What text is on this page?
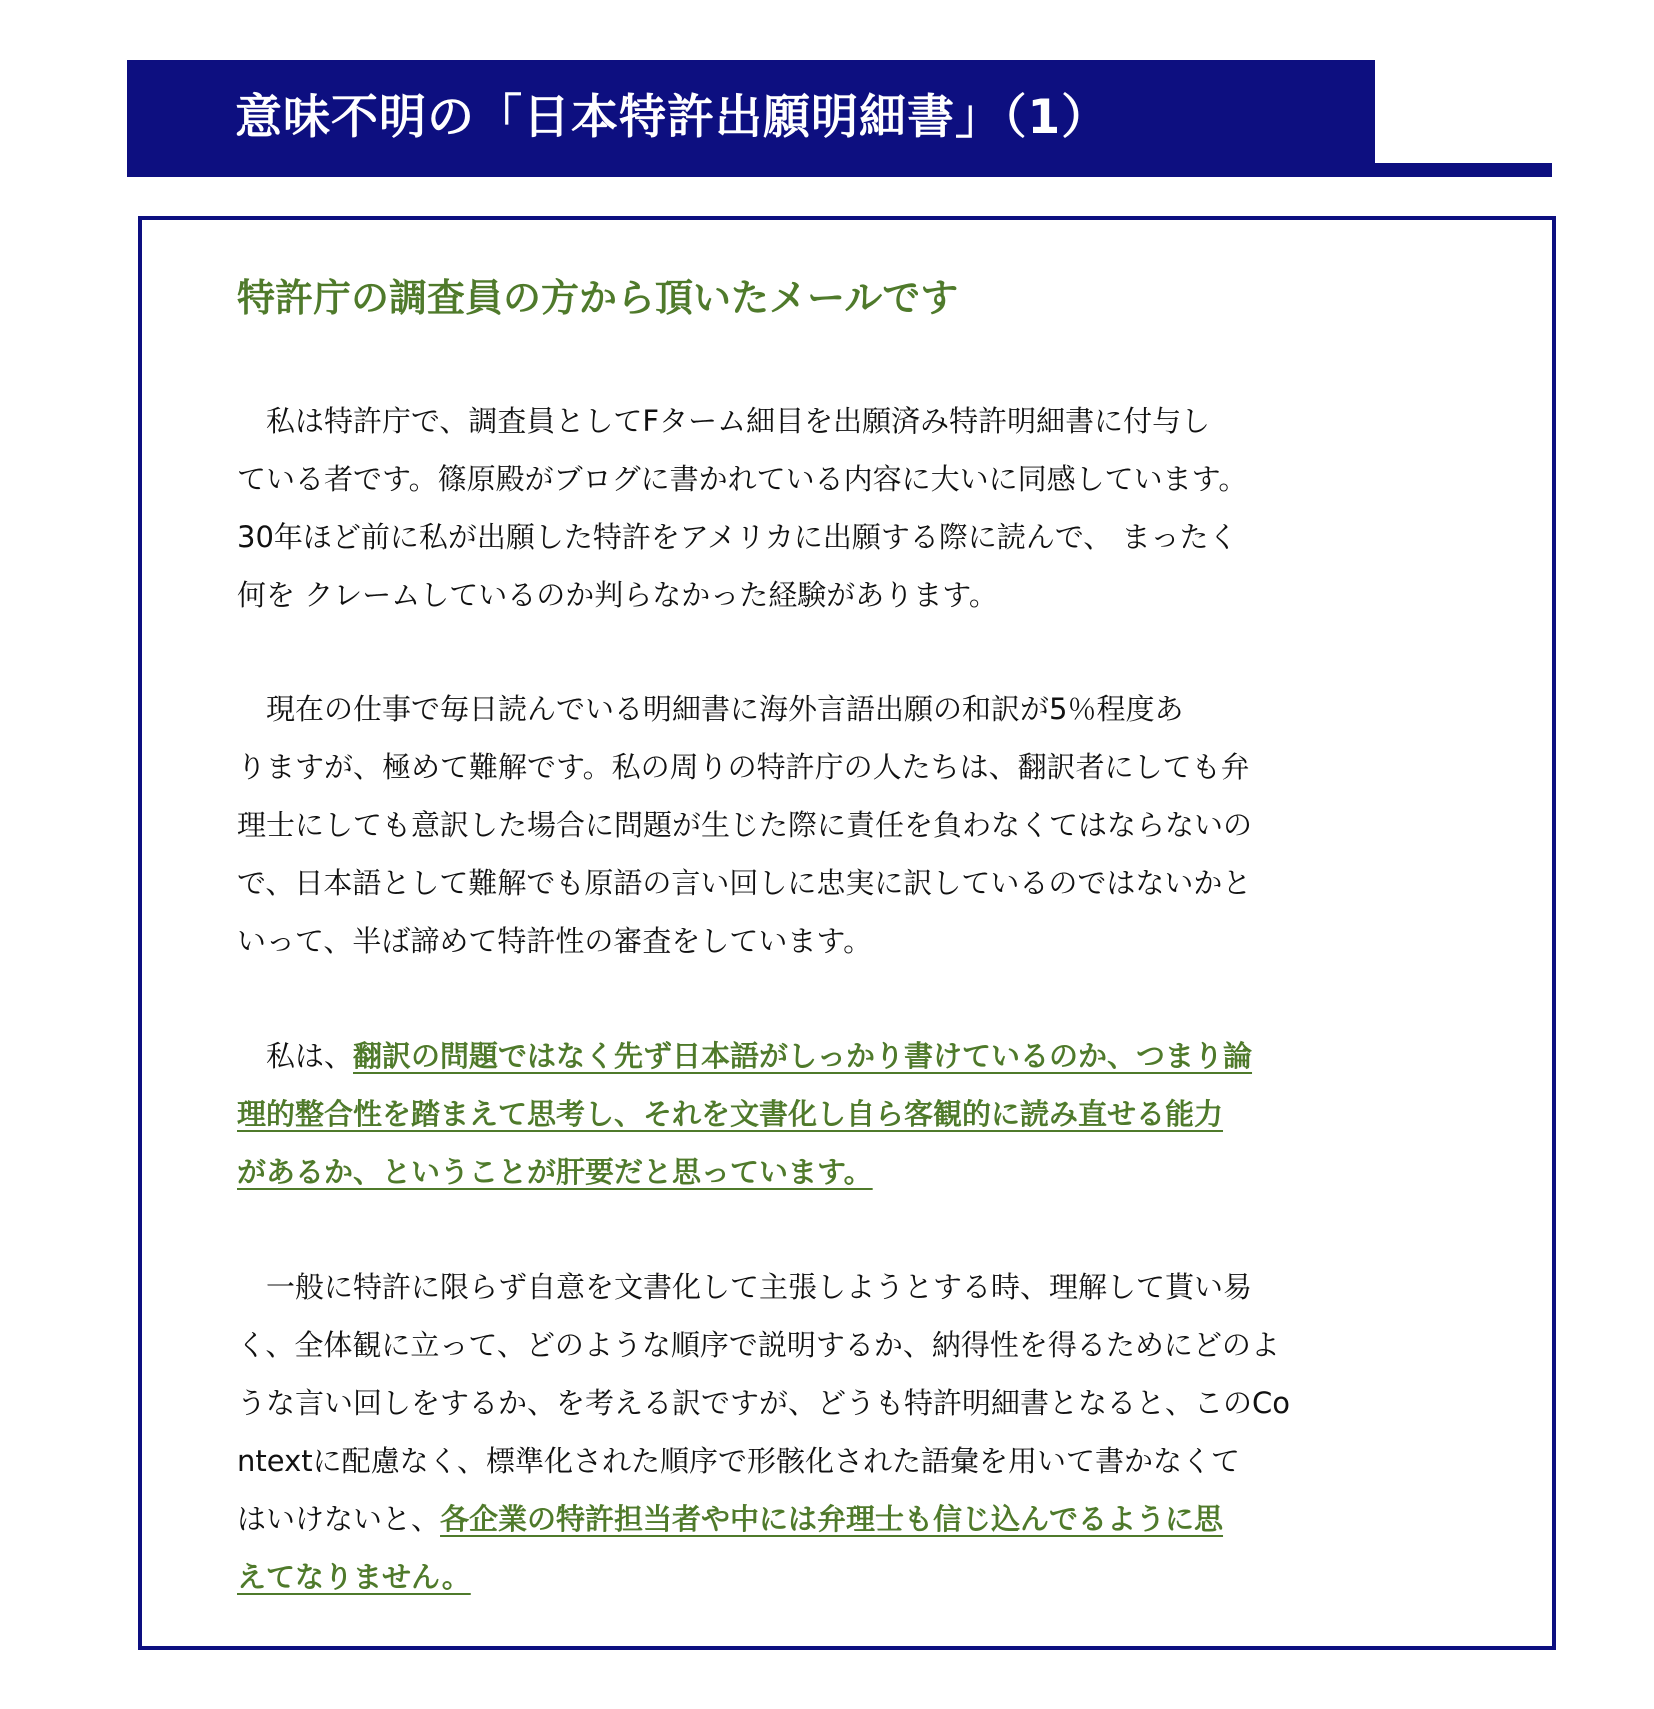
意味不明の「日本特許出願明細書」（1）
特許庁の調査員の方から頂いたメールです
　私は特許庁で、調査員としてFターム細目を出願済み特許明細書に付与し
ている者です。篠原殿がブログに書かれている内容に大いに同感しています。
30年ほど前に私が出願した特許をアメリカに出願する際に読んで、 まったく
何を クレームしているのか判らなかった経験があります。
　現在の仕事で毎日読んでいる明細書に海外言語出願の和訳が5％程度あ
りますが、極めて難解です。私の周りの特許庁の人たちは、翻訳者にしても弁
理士にしても意訳した場合に問題が生じた際に責任を負わなくてはならないの
で、日本語として難解でも原語の言い回しに忠実に訳しているのではないかと
いって、半ば諦めて特許性の審査をしています。
　私は、翻訳の問題ではなく先ず日本語がしっかり書けているのか、つまり論
理的整合性を踏まえて思考し、それを文書化し自ら客観的に読み直せる能力
があるか、ということが肝要だと思っています。
　一般に特許に限らず自意を文書化して主張しようとする時、理解して貰い易
く、全体観に立って、どのような順序で説明するか、納得性を得るためにどのよ
うな言い回しをするか、を考える訳ですが、どうも特許明細書となると、このCo
ntextに配慮なく、標準化された順序で形骸化された語彙を用いて書かなくて
はいけないと、各企業の特許担当者や中には弁理士も信じ込んでるように思
えてなりません。
